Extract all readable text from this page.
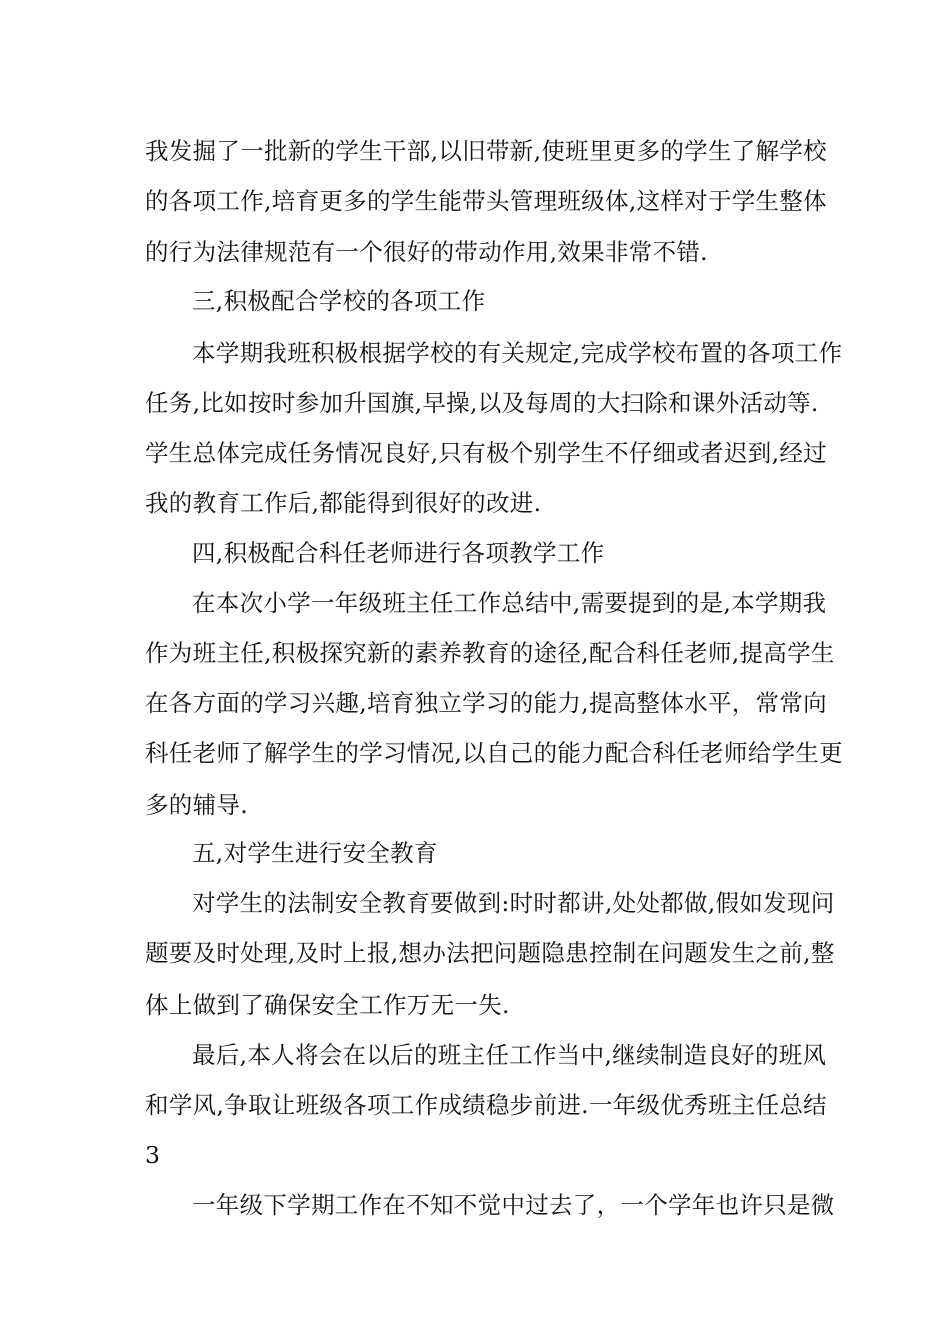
我发掘了一批新的学生干部,以旧带新,使班里更多的学生了解学校
的各项工作,培育更多的学生能带头管理班级体,这样对于学生整体
的行为法律规范有一个很好的带动作用,效果非常不错.
三,积极配合学校的各项工作
本学期我班积极根据学校的有关规定,完成学校布置的各项工作
任务,比如按时参加升国旗,早操,以及每周的大扫除和课外活动等.
学生总体完成任务情况良好,只有极个别学生不仔细或者迟到,经过
我的教育工作后,都能得到很好的改进.
四,积极配合科任老师进行各项教学工作
在本次小学一年级班主任工作总结中,需要提到的是,本学期我
作为班主任,积极探究新的素养教育的途径,配合科任老师,提高学生
在各方面的学习兴趣,培育独立学习的能力,提高整体水平，常常向
科任老师了解学生的学习情况,以自己的能力配合科任老师给学生更
多的辅导.
五,对学生进行安全教育
对学生的法制安全教育要做到:时时都讲,处处都做,假如发现问
题要及时处理,及时上报,想办法把问题隐患控制在问题发生之前,整
体上做到了确保安全工作万无一失.
最后,本人将会在以后的班主任工作当中,继续制造良好的班风
和学风,争取让班级各项工作成绩稳步前进.一年级优秀班主任总结
3
一年级下学期工作在不知不觉中过去了，一个学年也许只是微
